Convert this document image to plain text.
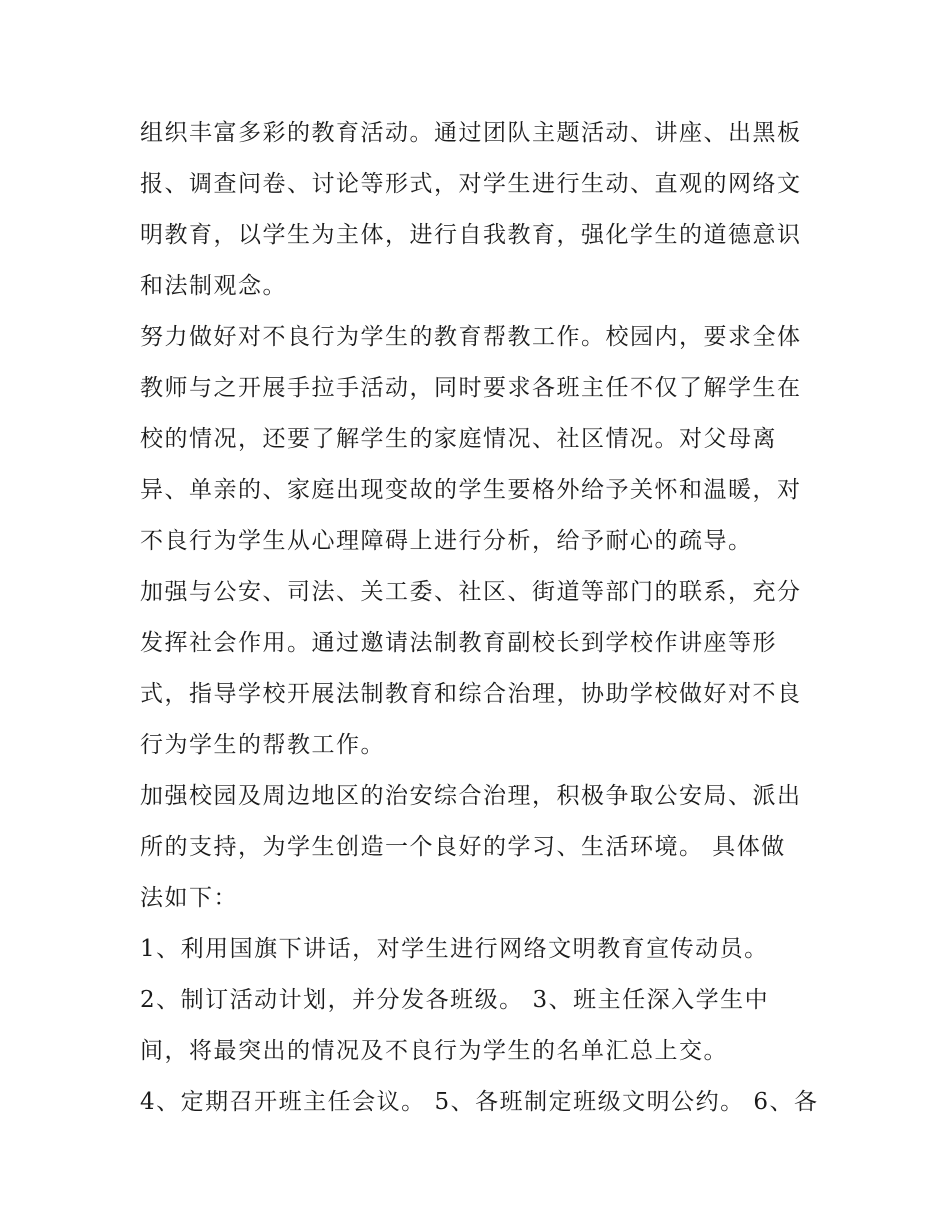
组织丰富多彩的教育活动。通过团队主题活动、讲座、出黑板
报、调查问卷、讨论等形式，对学生进行生动、直观的网络文
明教育，以学生为主体，进行自我教育，强化学生的道德意识
和法制观念。
努力做好对不良行为学生的教育帮教工作。校园内，要求全体
教师与之开展手拉手活动，同时要求各班主任不仅了解学生在
校的情况，还要了解学生的家庭情况、社区情况。对父母离
异、单亲的、家庭出现变故的学生要格外给予关怀和温暖，对
不良行为学生从心理障碍上进行分析，给予耐心的疏导。
加强与公安、司法、关工委、社区、街道等部门的联系，充分
发挥社会作用。通过邀请法制教育副校长到学校作讲座等形
式，指导学校开展法制教育和综合治理，协助学校做好对不良
行为学生的帮教工作。
加强校园及周边地区的治安综合治理，积极争取公安局、派出
所的支持，为学生创造一个良好的学习、生活环境。 具体做
法如下：
1、利用国旗下讲话，对学生进行网络文明教育宣传动员。
2、制订活动计划，并分发各班级。 3、班主任深入学生中
间，将最突出的情况及不良行为学生的名单汇总上交。
4、定期召开班主任会议。 5、各班制定班级文明公约。 6、各
